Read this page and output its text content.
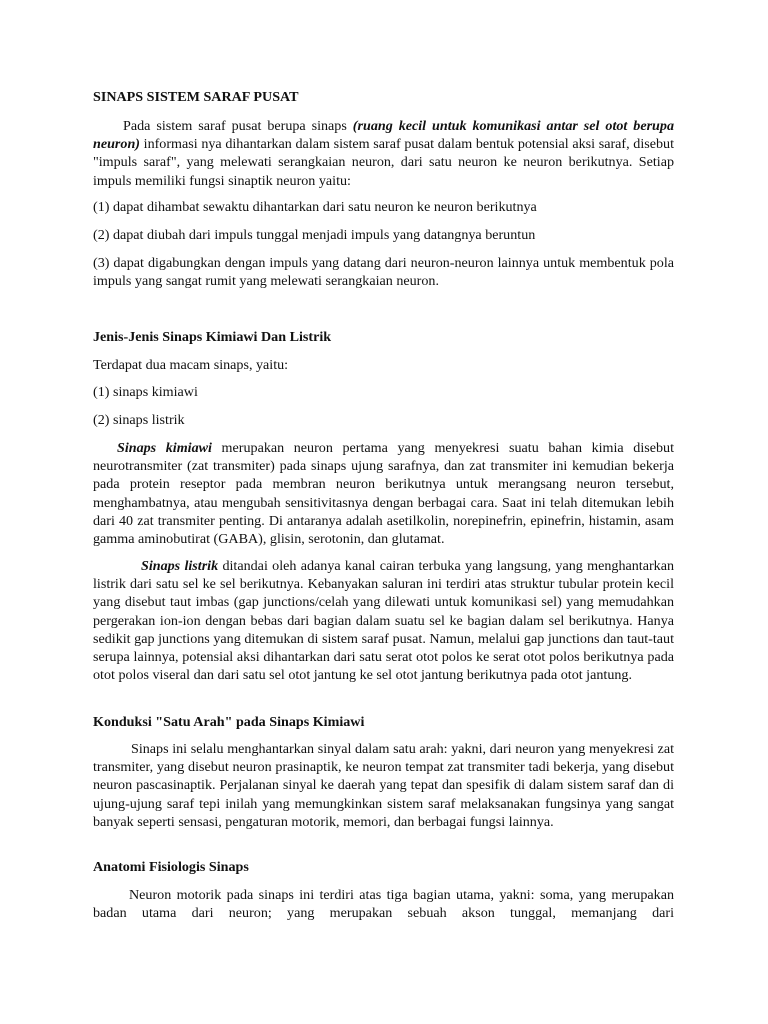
SINAPS SISTEM SARAF PUSAT

Pada sistem saraf pusat berupa sinaps (ruang kecil untuk komunikasi antar sel otot berupa neuron) informasi nya dihantarkan dalam sistem saraf pusat dalam bentuk potensial aksi saraf, disebut "impuls saraf", yang melewati serangkaian neuron, dari satu neuron ke neuron berikutnya. Setiap impuls memiliki fungsi sinaptik neuron yaitu:

(1) dapat dihambat sewaktu dihantarkan dari satu neuron ke neuron berikutnya

(2) dapat diubah dari impuls tunggal menjadi impuls yang datangnya beruntun

(3) dapat digabungkan dengan impuls yang datang dari neuron-neuron lainnya untuk membentuk pola impuls yang sangat rumit yang melewati serangkaian neuron.

Jenis-Jenis Sinaps Kimiawi Dan Listrik

Terdapat dua macam sinaps, yaitu:

(1) sinaps kimiawi

(2) sinaps listrik

Sinaps kimiawi merupakan neuron pertama yang menyekresi suatu bahan kimia disebut neurotransmiter (zat transmiter) pada sinaps ujung sarafnya, dan zat transmiter ini kemudian bekerja pada protein reseptor pada membran neuron berikutnya untuk merangsang neuron tersebut, menghambatnya, atau mengubah sensitivitasnya dengan berbagai cara. Saat ini telah ditemukan lebih dari 40 zat transmiter penting. Di antaranya adalah asetilkolin, norepinefrin, epinefrin, histamin, asam gamma aminobutirat (GABA), glisin, serotonin, dan glutamat.

Sinaps listrik ditandai oleh adanya kanal cairan terbuka yang langsung, yang menghantarkan listrik dari satu sel ke sel berikutnya. Kebanyakan saluran ini terdiri atas struktur tubular protein kecil yang disebut taut imbas (gap junctions/celah yang dilewati untuk komunikasi sel) yang memudahkan pergerakan ion-ion dengan bebas dari bagian dalam suatu sel ke bagian dalam sel berikutnya. Hanya sedikit gap junctions yang ditemukan di sistem saraf pusat. Namun, melalui gap junctions dan taut-taut serupa lainnya, potensial aksi dihantarkan dari satu serat otot polos ke serat otot polos berikutnya pada otot polos viseral dan dari satu sel otot jantung ke sel otot jantung berikutnya pada otot jantung.

Konduksi "Satu Arah" pada Sinaps Kimiawi

Sinaps ini selalu menghantarkan sinyal dalam satu arah: yakni, dari neuron yang menyekresi zat transmiter, yang disebut neuron prasinaptik, ke neuron tempat zat transmiter tadi bekerja, yang disebut neuron pascasinaptik. Perjalanan sinyal ke daerah yang tepat dan spesifik di dalam sistem saraf dan di ujung-ujung saraf tepi inilah yang memungkinkan sistem saraf melaksanakan fungsinya yang sangat banyak seperti sensasi, pengaturan motorik, memori, dan berbagai fungsi lainnya.

Anatomi Fisiologis Sinaps

Neuron motorik pada sinaps ini terdiri atas tiga bagian utama, yakni: soma, yang merupakan badan utama dari neuron; yang merupakan sebuah akson tunggal, memanjang dari
